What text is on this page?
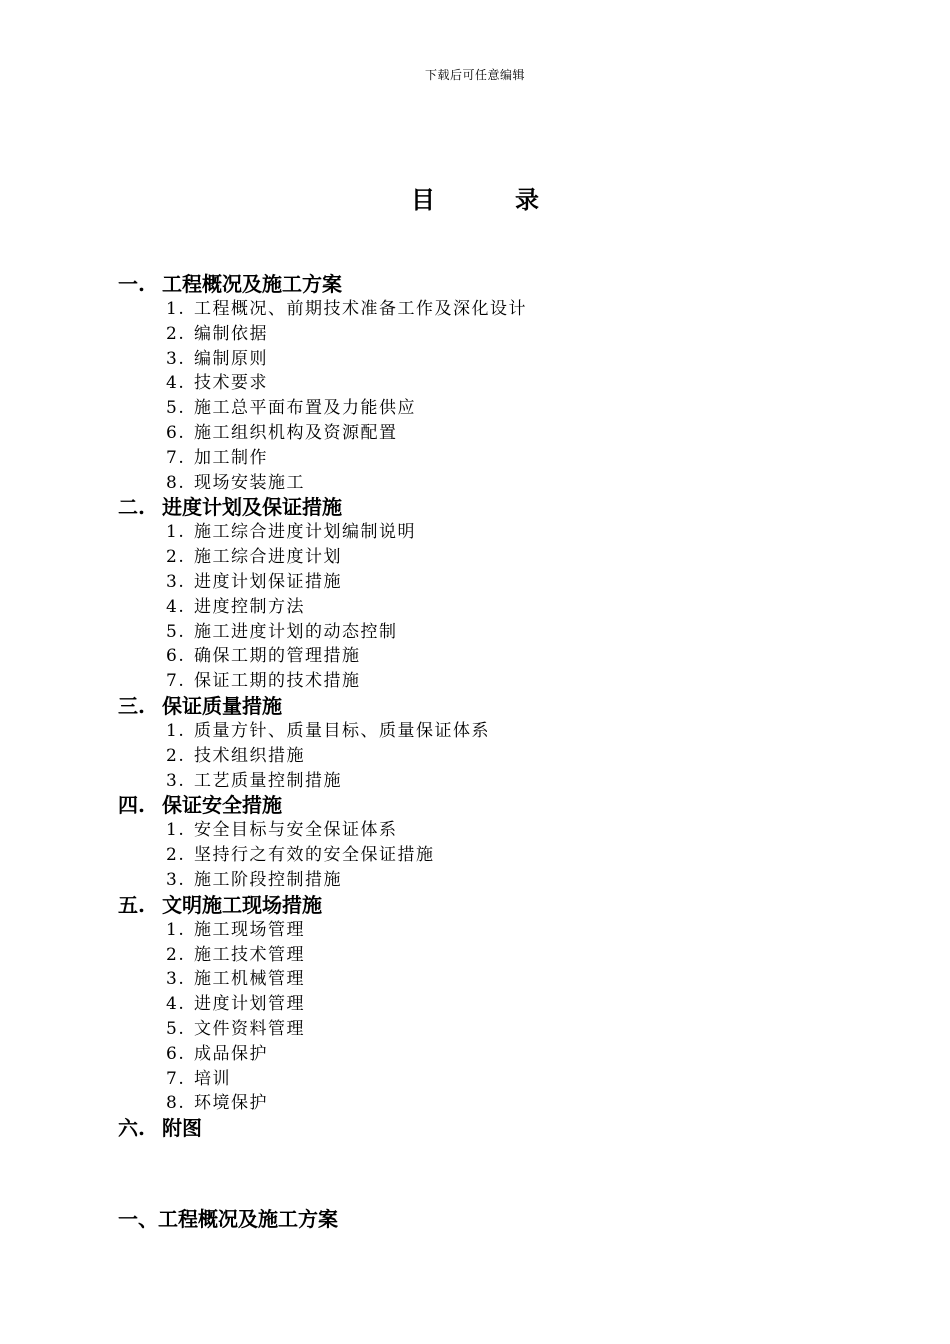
下载后可任意编辑
目	录
一. 工程概况及施工方案
1. 工程概况、前期技术准备工作及深化设计
2. 编制依据
3. 编制原则
4. 技术要求
5. 施工总平面布置及力能供应
6. 施工组织机构及资源配置
7. 加工制作
8. 现场安装施工
二. 进度计划及保证措施
1. 施工综合进度计划编制说明
2. 施工综合进度计划
3. 进度计划保证措施
4. 进度控制方法
5. 施工进度计划的动态控制
6. 确保工期的管理措施
7. 保证工期的技术措施
三. 保证质量措施
1. 质量方针、质量目标、质量保证体系
2. 技术组织措施
3. 工艺质量控制措施
四. 保证安全措施
1. 安全目标与安全保证体系
2. 坚持行之有效的安全保证措施
3. 施工阶段控制措施
五. 文明施工现场措施
1. 施工现场管理
2. 施工技术管理
3. 施工机械管理
4. 进度计划管理
5. 文件资料管理
6. 成品保护
7. 培训
8. 环境保护
六. 附图
一、工程概况及施工方案
